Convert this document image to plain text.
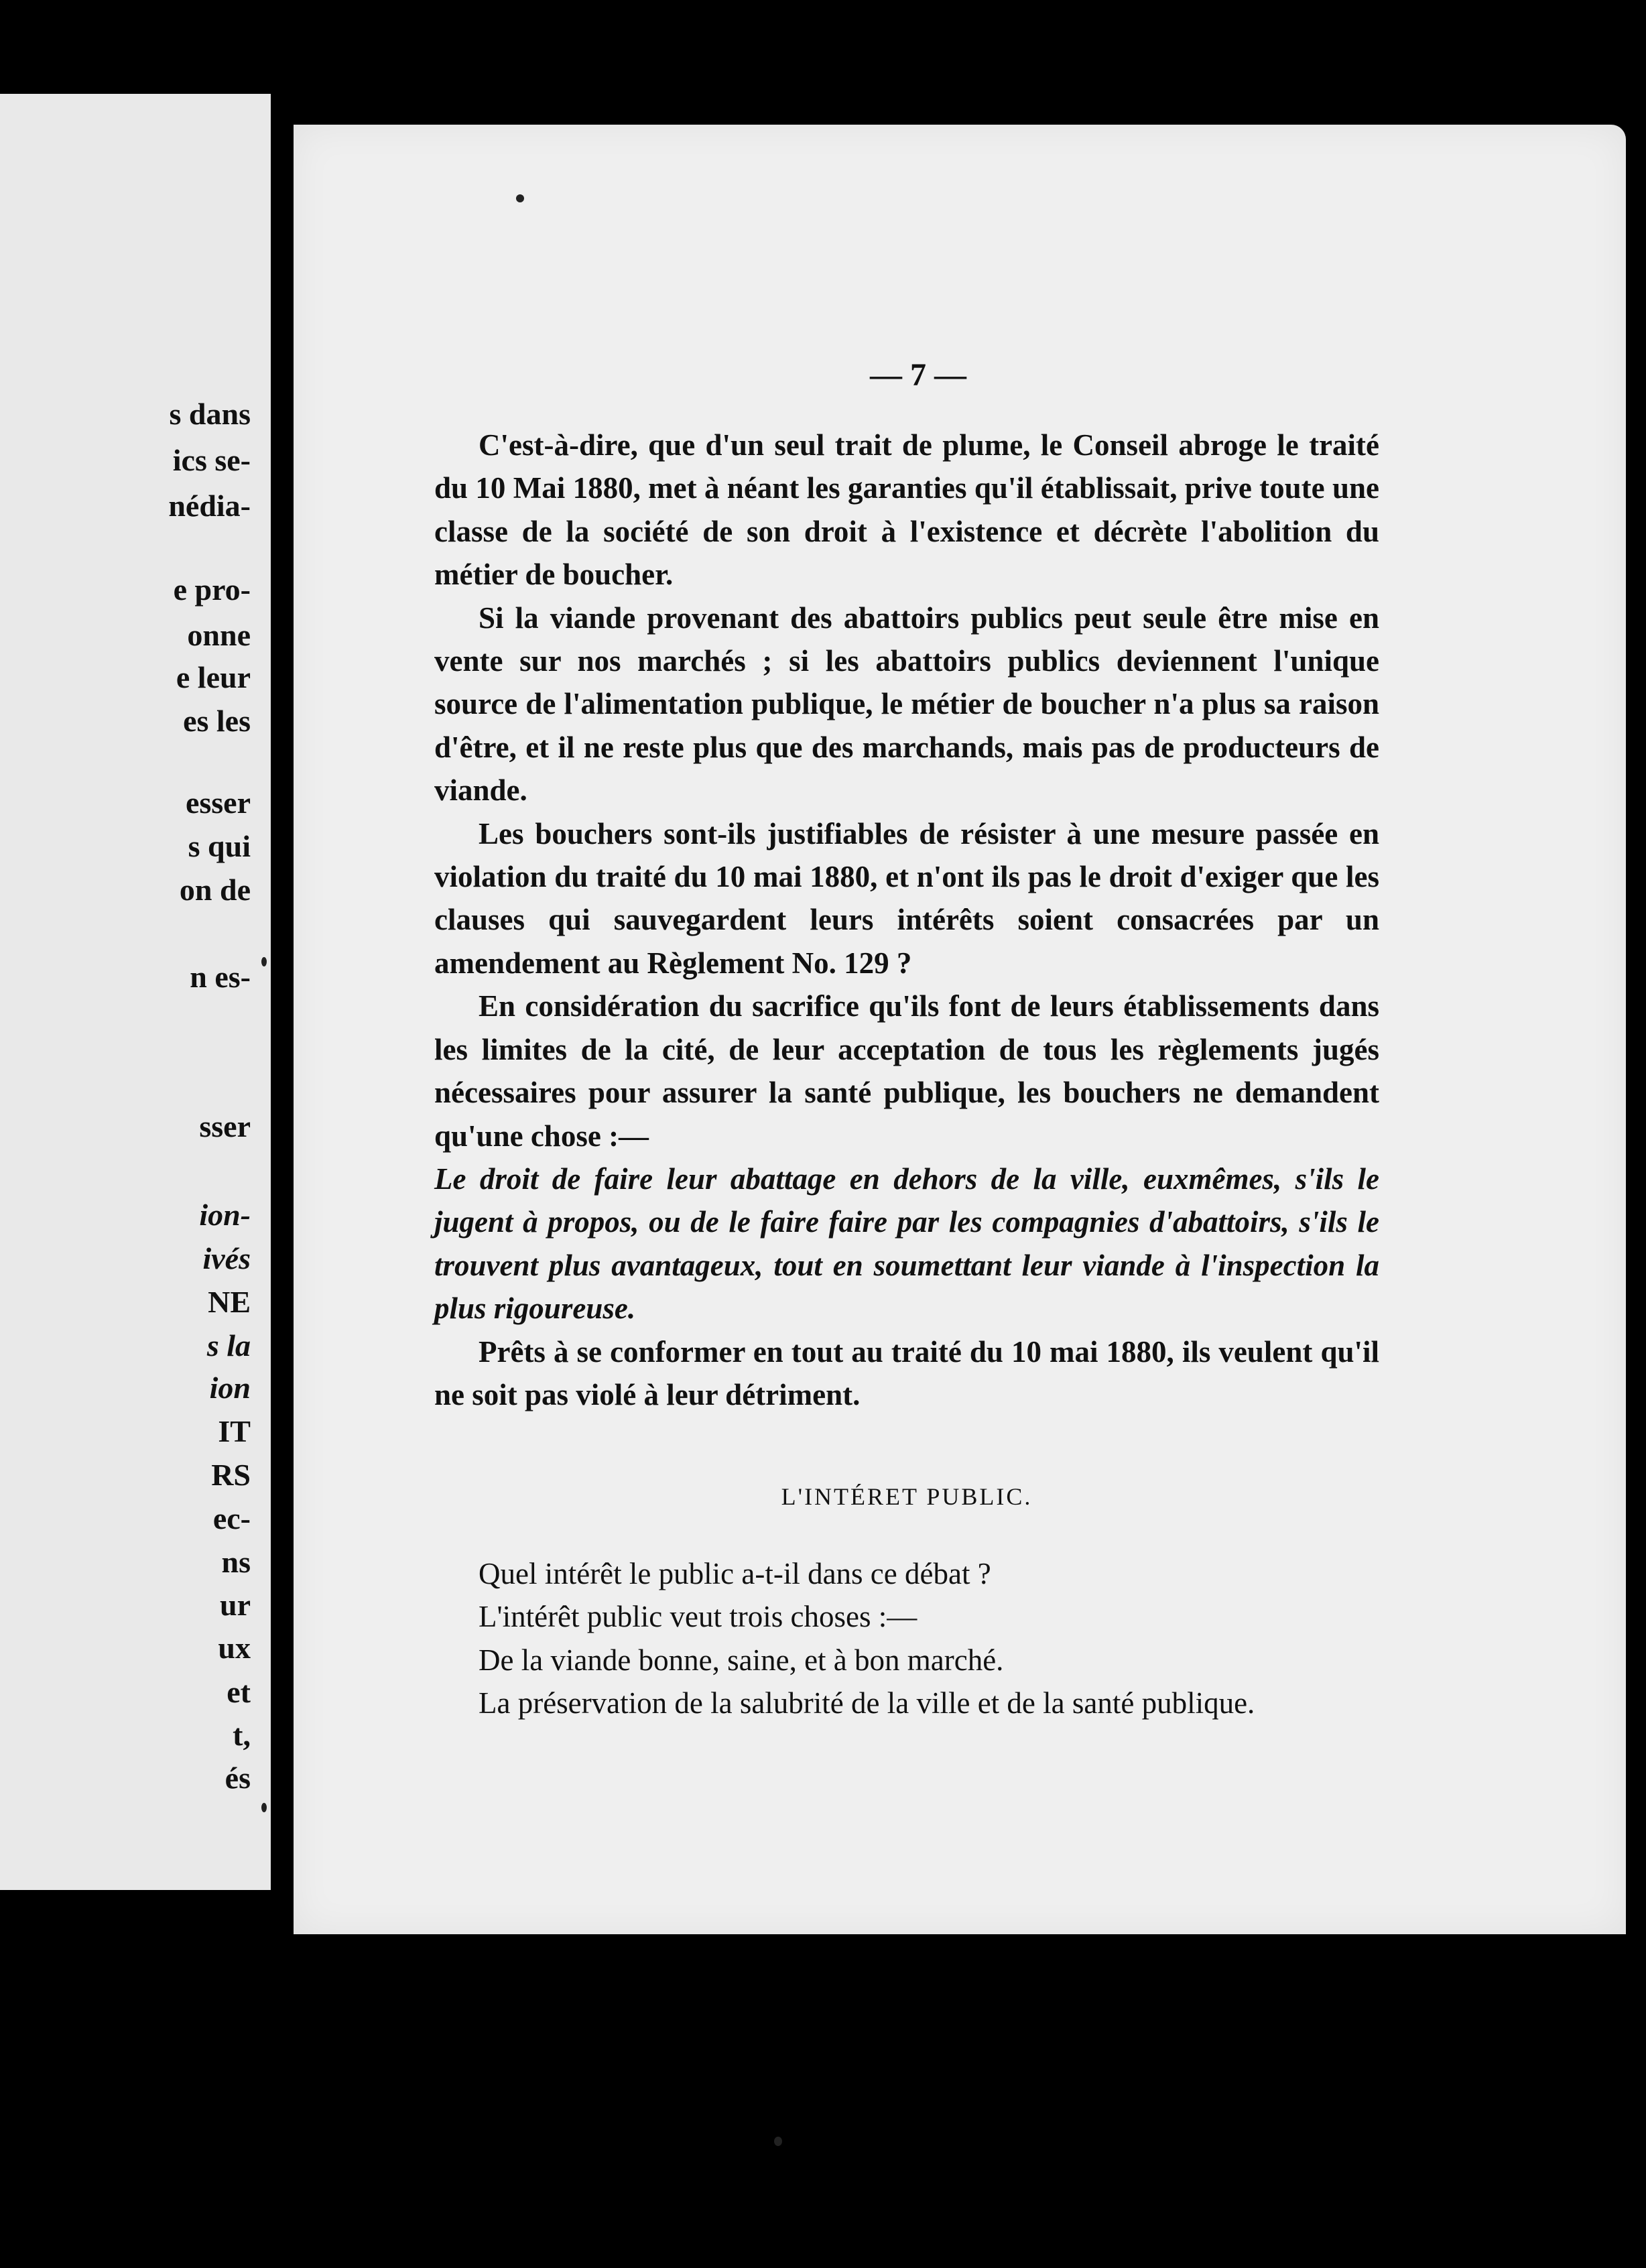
s dans
ics se-
nédia-
e pro-
onne
e leur
es les
esser
s qui
on de
n es-
sser
ion-
ivés
NE
s la
ion
IT
RS
ec-
ns
ur
ux
et
t,
és
— 7 —

C'est-à-dire, que d'un seul trait de plume, le Conseil abroge le traité du 10 Mai 1880, met à néant les garanties qu'il établissait, prive toute une classe de la société de son droit à l'existence et décrète l'abolition du métier de boucher.

Si la viande provenant des abattoirs publics peut seule être mise en vente sur nos marchés ; si les abattoirs publics deviennent l'unique source de l'alimentation publique, le métier de boucher n'a plus sa raison d'être, et il ne reste plus que des marchands, mais pas de producteurs de viande.

Les bouchers sont-ils justifiables de résister à une mesure passée en violation du traité du 10 mai 1880, et n'ont ils pas le droit d'exiger que les clauses qui sauvegardent leurs intérêts soient consacrées par un amendement au Règlement No. 129 ?

En considération du sacrifice qu'ils font de leurs établissements dans les limites de la cité, de leur acceptation de tous les règlements jugés nécessaires pour assurer la santé publique, les bouchers ne demandent qu'une chose :—

Le droit de faire leur abattage en dehors de la ville, euxmêmes, s'ils le jugent à propos, ou de le faire faire par les compagnies d'abattoirs, s'ils le trouvent plus avantageux, tout en soumettant leur viande à l'inspection la plus rigoureuse.

Prêts à se conformer en tout au traité du 10 mai 1880, ils veulent qu'il ne soit pas violé à leur détriment.

L'INTÉRET PUBLIC.

Quel intérêt le public a-t-il dans ce débat ?

L'intérêt public veut trois choses :—

De la viande bonne, saine, et à bon marché.

La préservation de la salubrité de la ville et de la santé publique.
